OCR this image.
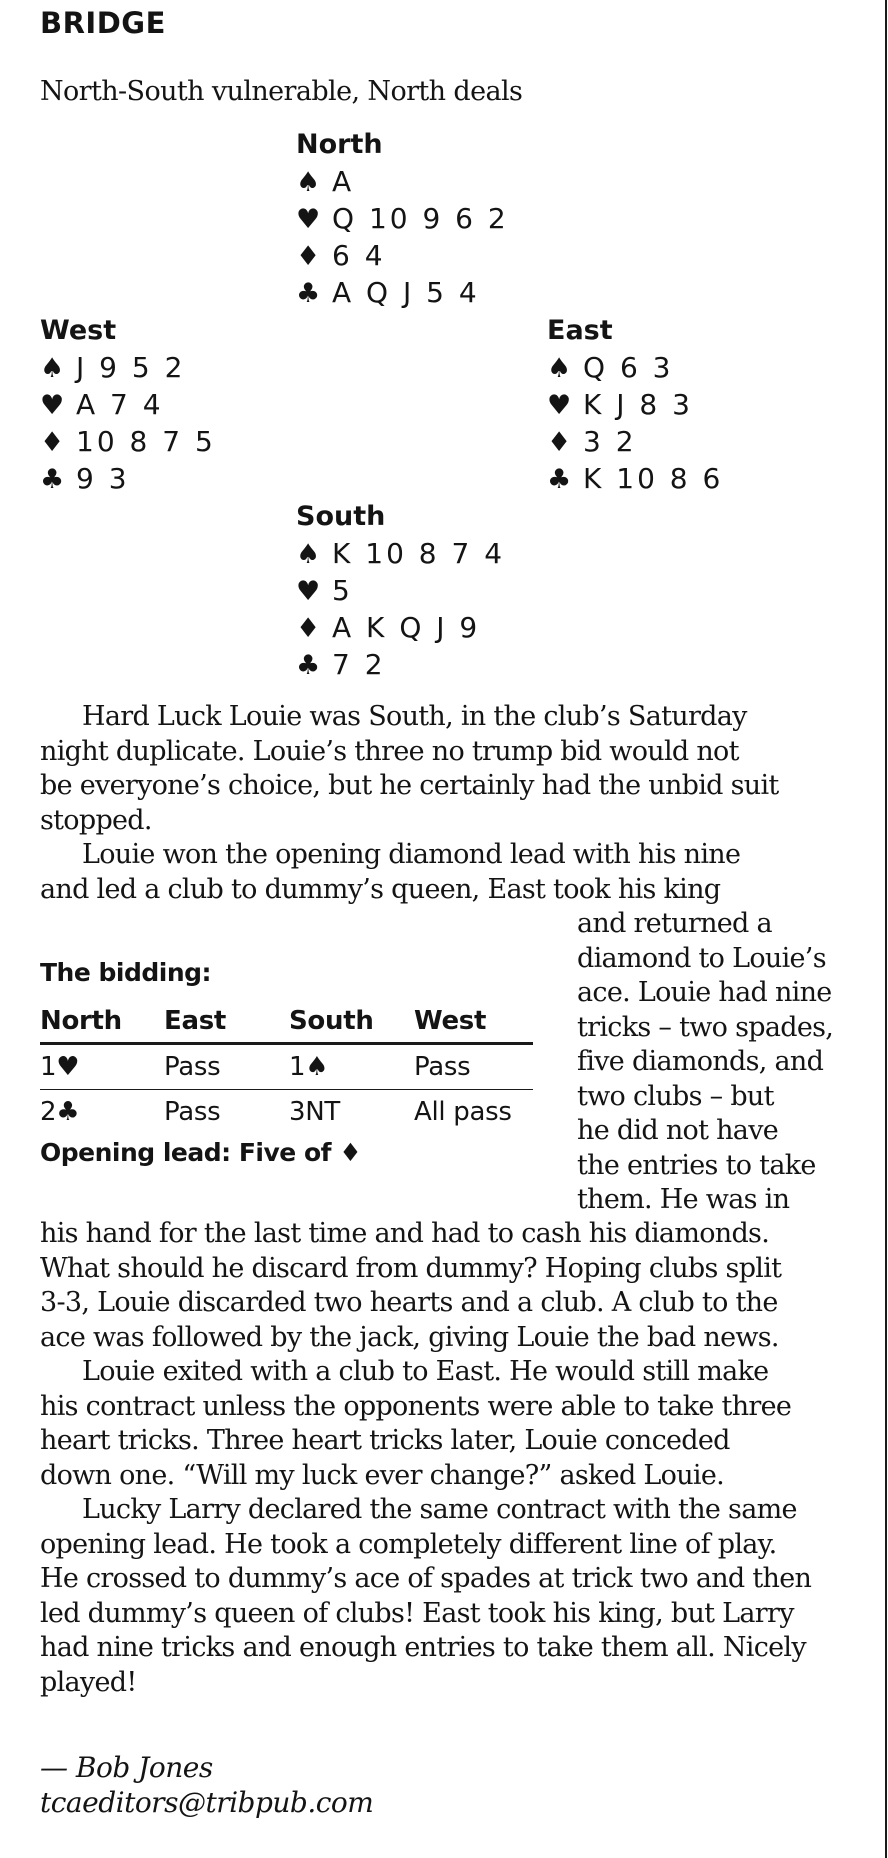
BRIDGE
North-South vulnerable, North deals
North
♠ A
♥ Q 10 9 6 2
♦ 6 4
♣ A Q J 5 4
West
♠ J 9 5 2
♥ A 7 4
♦ 10 8 7 5
♣ 9 3
East
♠ Q 6 3
♥ K J 8 3
♦ 3 2
♣ K 10 8 6
South
♠ K 10 8 7 4
♥ 5
♦ A K Q J 9
♣ 7 2
Hard Luck Louie was South, in the club’s Saturday
night duplicate. Louie’s three no trump bid would not
be everyone’s choice, but he certainly had the unbid suit
stopped.
Louie won the opening diamond lead with his nine
and led a club to dummy’s queen, East took his king
and returned a
diamond to Louie’s
ace. Louie had nine
tricks – two spades,
five diamonds, and
two clubs – but
he did not have
the entries to take
them. He was in
The bidding:
North East South West
1♥	Pass	1♠	Pass
2♣	Pass	3NT	All pass
Opening lead: Five of ♦
his hand for the last time and had to cash his diamonds.
What should he discard from dummy? Hoping clubs split
3-3, Louie discarded two hearts and a club. A club to the
ace was followed by the jack, giving Louie the bad news.
Louie exited with a club to East. He would still make
his contract unless the opponents were able to take three
heart tricks. Three heart tricks later, Louie conceded
down one. “Will my luck ever change?” asked Louie.
Lucky Larry declared the same contract with the same
opening lead. He took a completely different line of play.
He crossed to dummy’s ace of spades at trick two and then
led dummy’s queen of clubs! East took his king, but Larry
had nine tricks and enough entries to take them all. Nicely
played!
— Bob Jones
tcaeditors@tribpub.com
